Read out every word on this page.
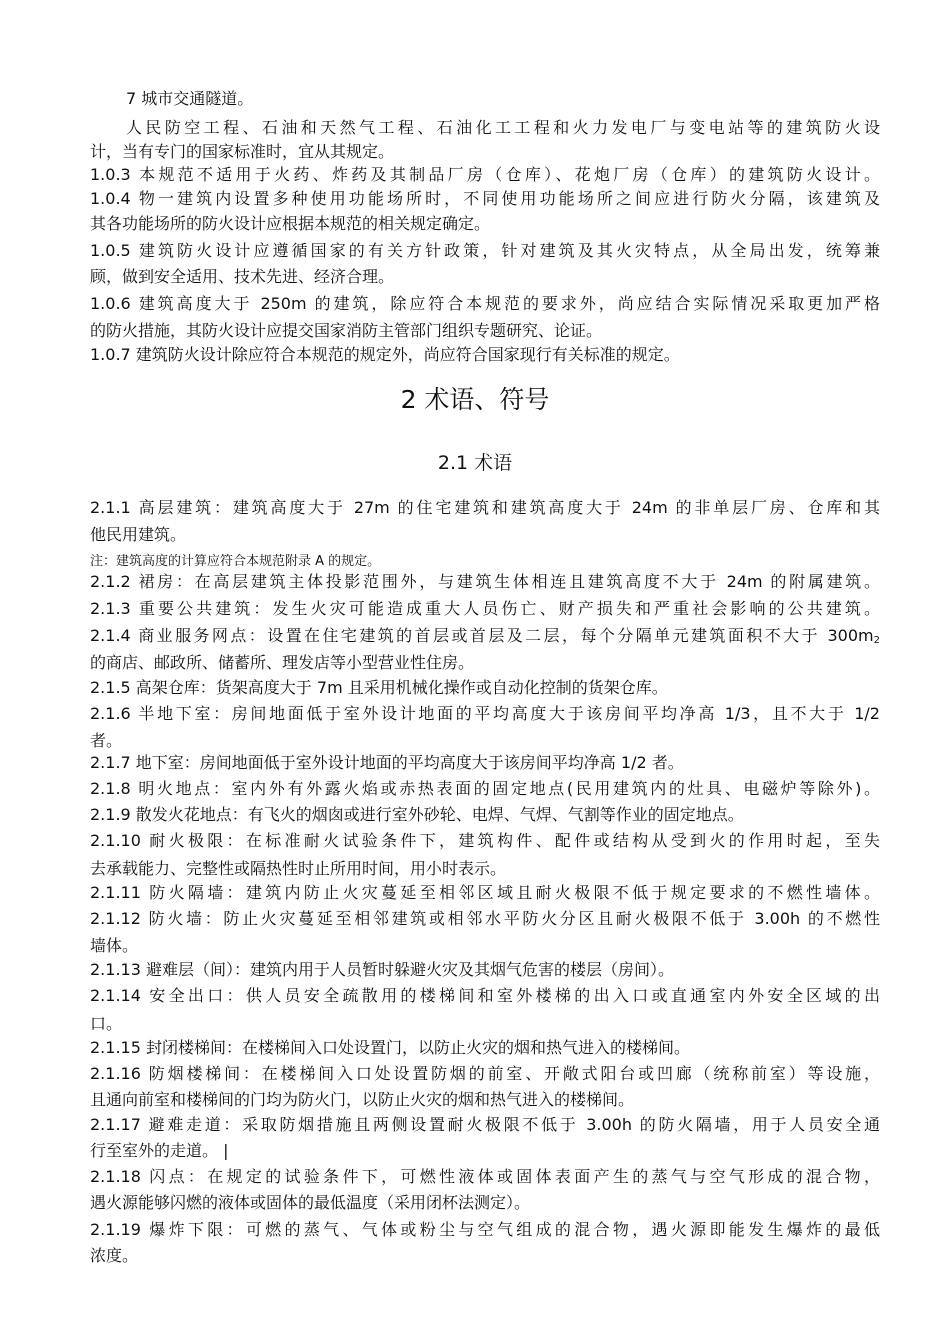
7 城市交通隧道。
人民防空工程、石油和天然气工程、石油化工工程和火力发电厂与变电站等的建筑防火设
计，当有专门的国家标准时，宜从其规定。
1.0.3 本规范不适用于火药、炸药及其制品厂房（仓库）、花炮厂房（仓库）的建筑防火设计。
1.0.4 物一建筑内设置多种使用功能场所时，不同使用功能场所之间应进行防火分隔，该建筑及
其各功能场所的防火设计应根据本规范的相关规定确定。
1.0.5 建筑防火设计应遵循国家的有关方针政策，针对建筑及其火灾特点，从全局出发，统筹兼
顾，做到安全适用、技术先进、经济合理。
1.0.6 建筑高度大于 250m 的建筑，除应符合本规范的要求外，尚应结合实际情况采取更加严格
的防火措施，其防火设计应提交国家消防主管部门组织专题研究、论证。
1.0.7 建筑防火设计除应符合本规范的规定外，尚应符合国家现行有关标准的规定。
2 术语、符号
2.1 术语
2.1.1 高层建筑：建筑高度大于 27m 的住宅建筑和建筑高度大于 24m 的非单层厂房、仓库和其
他民用建筑。
注：建筑高度的计算应符合本规范附录 A 的规定。
2.1.2 裙房：在高层建筑主体投影范围外，与建筑生体相连且建筑高度不大于 24m 的附属建筑。
2.1.3 重要公共建筑：发生火灾可能造成重大人员伤亡、财产损失和严重社会影响的公共建筑。
2.1.4 商业服务网点：设置在住宅建筑的首层或首层及二层，每个分隔单元建筑面积不大于 $300m_2$
的商店、邮政所、储蓄所、理发店等小型营业性住房。
2.1.5 高架仓库：货架高度大于 7m 且采用机械化操作或自动化控制的货架仓库。
2.1.6 半地下室：房间地面低于室外设计地面的平均高度大于该房间平均净高 1/3，且不大于 1/2
者。
2.1.7 地下室：房间地面低于室外设计地面的平均高度大于该房间平均净高 1/2 者。
2.1.8 明火地点：室内外有外露火焰或赤热表面的固定地点(民用建筑内的灶具、电磁炉等除外)。
2.1.9 散发火花地点：有飞火的烟囱或进行室外砂轮、电焊、气焊、气割等作业的固定地点。
2.1.10 耐火极限：在标准耐火试验条件下，建筑构件、配件或结构从受到火的作用时起，至失
去承载能力、完整性或隔热性时止所用时间，用小时表示。
2.1.11 防火隔墙：建筑内防止火灾蔓延至相邻区域且耐火极限不低于规定要求的不燃性墙体。
2.1.12 防火墙：防止火灾蔓延至相邻建筑或相邻水平防火分区且耐火极限不低于 3.00h 的不燃性
墙体。
2.1.13 避难层（间）：建筑内用于人员暂时躲避火灾及其烟气危害的楼层（房间）。
2.1.14 安全出口：供人员安全疏散用的楼梯间和室外楼梯的出入口或直通室内外安全区域的出
口。
2.1.15 封闭楼梯间：在楼梯间入口处设置门，以防止火灾的烟和热气进入的楼梯间。
2.1.16 防烟楼梯间：在楼梯间入口处设置防烟的前室、开敞式阳台或凹廊（统称前室）等设施，
且通向前室和楼梯间的门均为防火门，以防止火灾的烟和热气进入的楼梯间。
2.1.17 避难走道：采取防烟措施且两侧设置耐火极限不低于 3.00h 的防火隔墙，用于人员安全通
行至室外的走道。 |
2.1.18 闪点：在规定的试验条件下，可燃性液体或固体表面产生的蒸气与空气形成的混合物，
遇火源能够闪燃的液体或固体的最低温度（采用闭杯法测定）。
2.1.19 爆炸下限：可燃的蒸气、气体或粉尘与空气组成的混合物，遇火源即能发生爆炸的最低
浓度。
